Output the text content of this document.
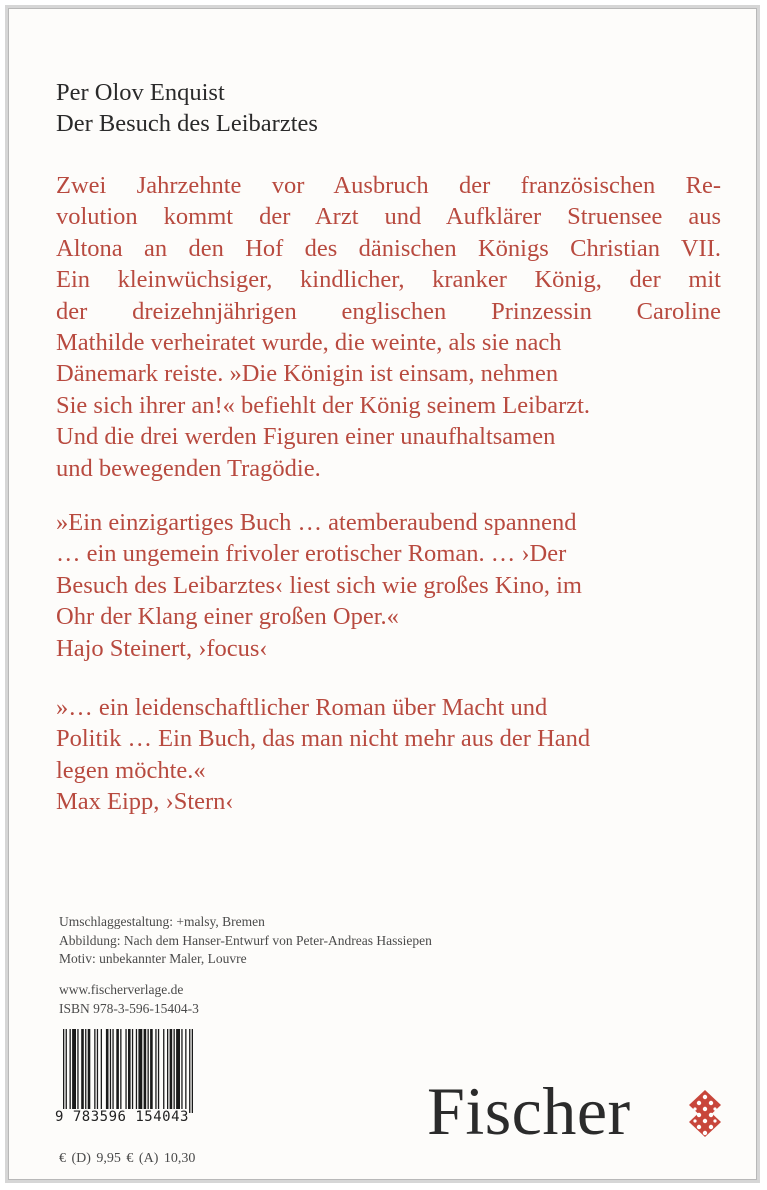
Per Olov Enquist
Der Besuch des Leibarztes
Zwei Jahrzehnte vor Ausbruch der französischen Re-
volution kommt der Arzt und Aufklärer Struensee aus
Altona an den Hof des dänischen Königs Christian VII.
Ein kleinwüchsiger, kindlicher, kranker König, der mit
der dreizehnjährigen englischen Prinzessin Caroline
Mathilde verheiratet wurde, die weinte, als sie nach
Dänemark reiste. »Die Königin ist einsam, nehmen
Sie sich ihrer an!« befiehlt der König seinem Leibarzt.
Und die drei werden Figuren einer unaufhaltsamen
und bewegenden Tragödie.
»Ein einzigartiges Buch … atemberaubend spannend
… ein ungemein frivoler erotischer Roman. … ›Der
Besuch des Leibarztes‹ liest sich wie großes Kino, im
Ohr der Klang einer großen Oper.«
Hajo Steinert, ›focus‹
»… ein leidenschaftlicher Roman über Macht und
Politik … Ein Buch, das man nicht mehr aus der Hand
legen möchte.«
Max Eipp, ›Stern‹
Umschlaggestaltung: +malsy, Bremen
Abbildung: Nach dem Hanser-Entwurf von Peter-Andreas Hassiepen
Motiv: unbekannter Maler, Louvre
www.fischerverlage.de
ISBN 978-3-596-15404-3
9 783596 154043
€ (D) 9,95 € (A) 10,30
Fischer
